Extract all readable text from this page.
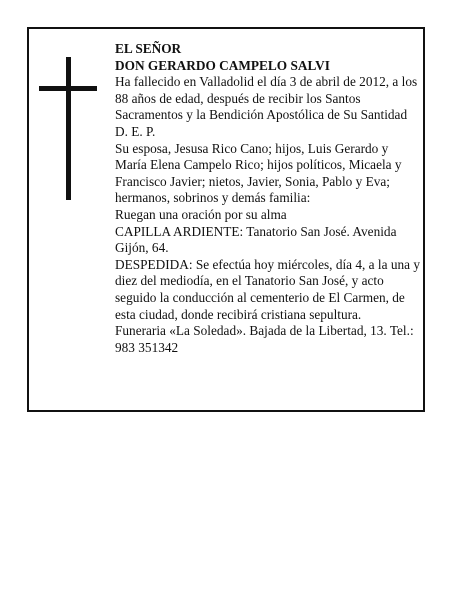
EL SEÑOR

DON GERARDO CAMPELO SALVI

Ha fallecido en Valladolid el día 3 de abril de 2012, a los 88 años de edad, después de recibir los Santos Sacramentos y la Bendición Apostólica de Su Santidad D. E. P.

Su esposa, Jesusa Rico Cano; hijos, Luis Gerardo y María Elena Campelo Rico; hijos políticos, Micaela y Francisco Javier; nietos, Javier, Sonia, Pablo y Eva; hermanos, sobrinos y demás familia:

Ruegan una oración por su alma

CAPILLA ARDIENTE: Tanatorio San José. Avenida Gijón, 64.

DESPEDIDA: Se efectúa hoy miércoles, día 4, a la una y diez del mediodía, en el Tanatorio San José, y acto seguido la conducción al cementerio de El Carmen, de esta ciudad, donde recibirá cristiana sepultura.

Funeraria «La Soledad». Bajada de la Libertad, 13. Tel.: 983 351342
